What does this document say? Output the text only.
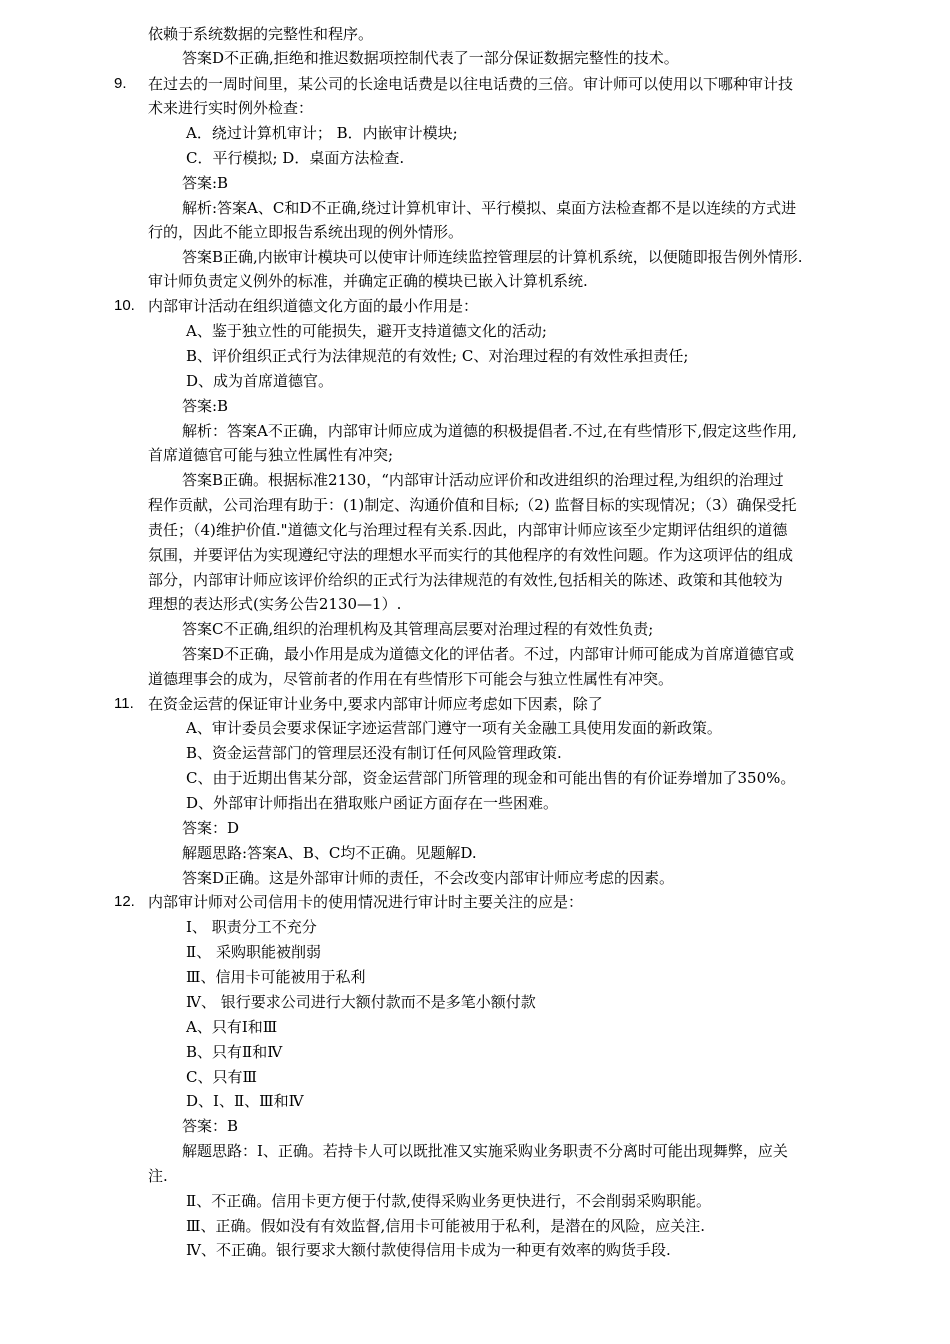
依赖于系统数据的完整性和程序。
答案D不正确,拒绝和推迟数据项控制代表了一部分保证数据完整性的技术。
在过去的一周时间里，某公司的长途电话费是以往电话费的三倍。审计师可以使用以下哪种审计技
术来进行实时例外检查：
A．绕过计算机审计； B．内嵌审计模块;
C．平行模拟; D．桌面方法检查.
答案:B
解析:答案A、C和D不正确,绕过计算机审计、平行模拟、桌面方法检查都不是以连续的方式进
行的，因此不能立即报告系统出现的例外情形。
答案B正确,内嵌审计模块可以使审计师连续监控管理层的计算机系统，以便随即报告例外情形.
审计师负责定义例外的标准，并确定正确的模块已嵌入计算机系统.
内部审计活动在组织道德文化方面的最小作用是：
A、鉴于独立性的可能损失，避开支持道德文化的活动;
B、评价组织正式行为法律规范的有效性; C、对治理过程的有效性承担责任;
D、成为首席道德官。
答案:B
解析：答案A不正确，内部审计师应成为道德的积极提倡者.不过,在有些情形下,假定这些作用,
首席道德官可能与独立性属性有冲突;
答案B正确。根据标准2130，“内部审计活动应评价和改进组织的治理过程,为组织的治理过
程作贡献，公司治理有助于：(1)制定、沟通价值和目标;（2) 监督目标的实现情况；（3）确保受托
责任；（4)维护价值."道德文化与治理过程有关系.因此，内部审计师应该至少定期评估组织的道德
氛围，并要评估为实现遵纪守法的理想水平而实行的其他程序的有效性问题。作为这项评估的组成
部分，内部审计师应该评价给织的正式行为法律规范的有效性,包括相关的陈述、政策和其他较为
理想的表达形式(实务公告2130—1）.
答案C不正确,组织的治理机构及其管理高层要对治理过程的有效性负责;
答案D不正确，最小作用是成为道德文化的评估者。不过，内部审计师可能成为首席道德官或
道德理事会的成为，尽管前者的作用在有些情形下可能会与独立性属性有冲突。
在资金运营的保证审计业务中,要求内部审计师应考虑如下因素，除了
A、审计委员会要求保证字迹运营部门遵守一项有关金融工具使用发面的新政策。
B、资金运营部门的管理层还没有制订任何风险管理政策.
C、由于近期出售某分部，资金运营部门所管理的现金和可能出售的有价证券增加了350%。
D、外部审计师指出在猎取账户函证方面存在一些困难。
答案：D
解题思路:答案A、B、C均不正确。见题解D.
答案D正确。这是外部审计师的责任，不会改变内部审计师应考虑的因素。
内部审计师对公司信用卡的使用情况进行审计时主要关注的应是：
Ⅰ、 职责分工不充分
Ⅱ、 采购职能被削弱
Ⅲ、信用卡可能被用于私利
Ⅳ、 银行要求公司进行大额付款而不是多笔小额付款
A、只有Ⅰ和Ⅲ
B、只有Ⅱ和Ⅳ
C、只有Ⅲ
D、Ⅰ、Ⅱ、Ⅲ和Ⅳ
答案：B
解题思路：Ⅰ、正确。若持卡人可以既批准又实施采购业务职责不分离时可能出现舞弊，应关
注.
Ⅱ、不正确。信用卡更方便于付款,使得采购业务更快进行，不会削弱采购职能。
Ⅲ、正确。假如没有有效监督,信用卡可能被用于私利，是潜在的风险，应关注.
Ⅳ、不正确。银行要求大额付款使得信用卡成为一种更有效率的购货手段.
9.
10.
11.
12.
